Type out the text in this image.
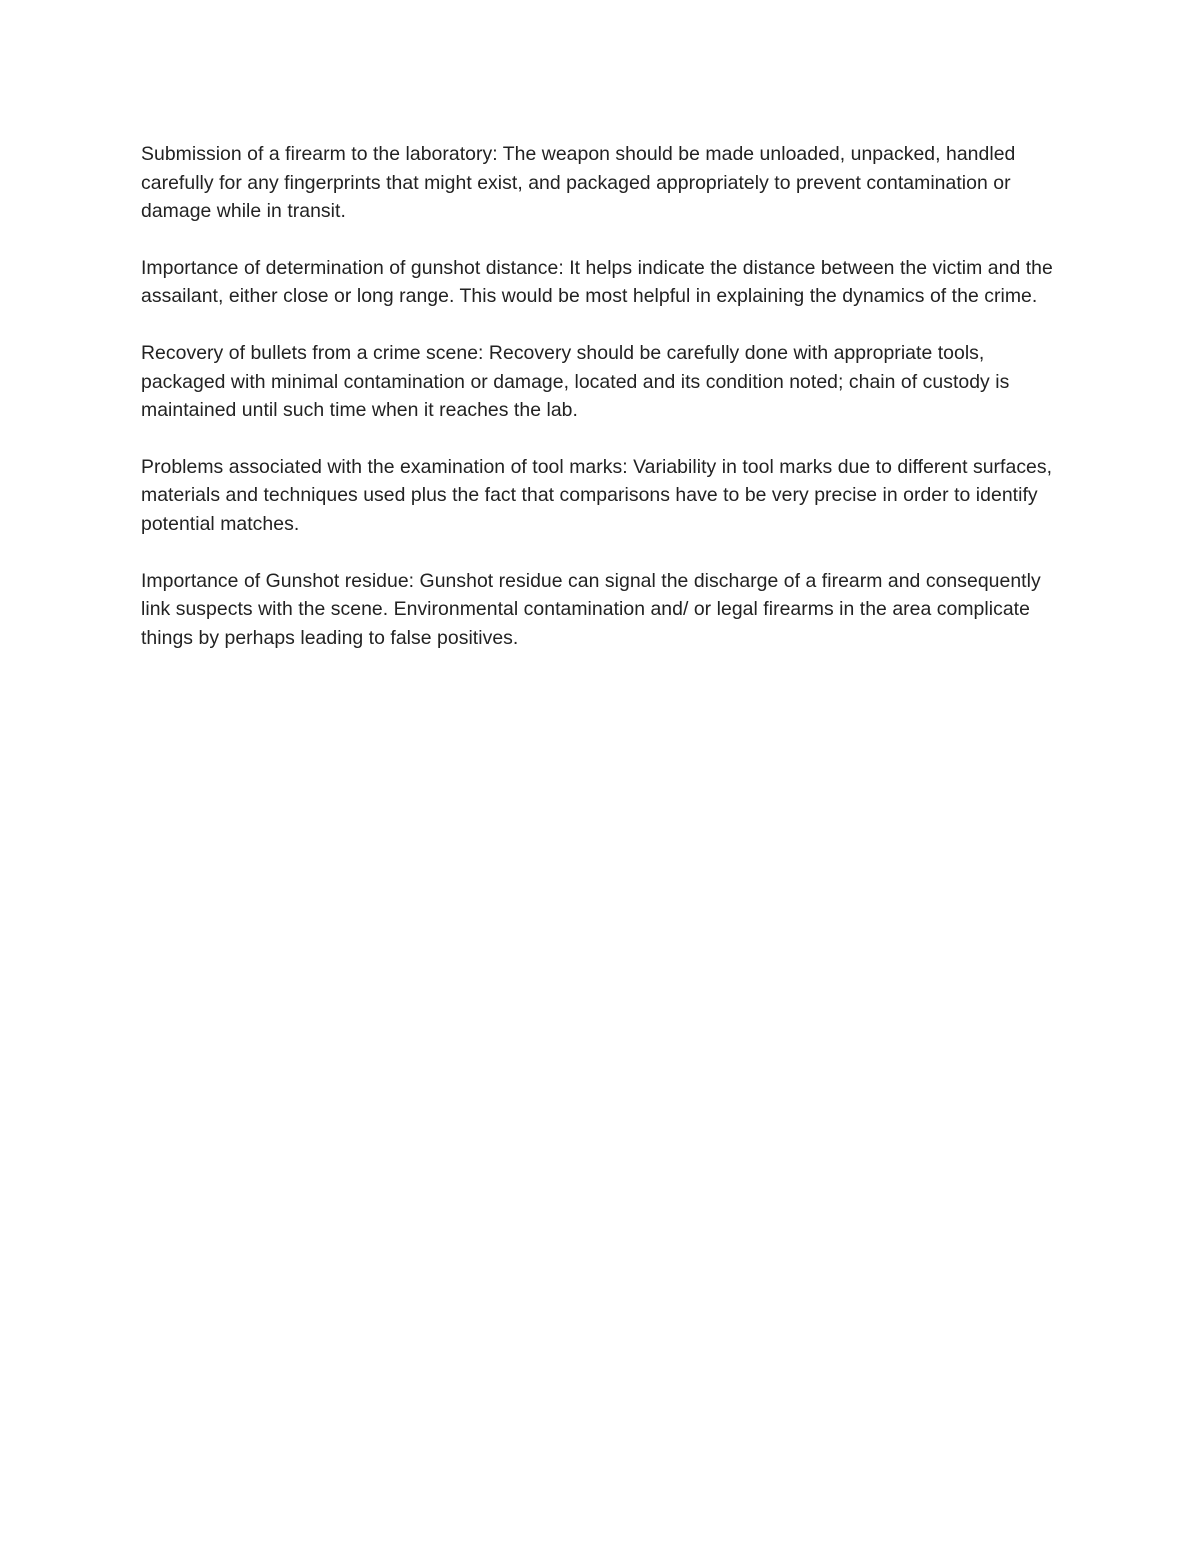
Submission of a firearm to the laboratory: The weapon should be made unloaded, unpacked, handled carefully for any fingerprints that might exist, and packaged appropriately to prevent contamination or damage while in transit.

Importance of determination of gunshot distance: It helps indicate the distance between the victim and the assailant, either close or long range. This would be most helpful in explaining the dynamics of the crime.

Recovery of bullets from a crime scene: Recovery should be carefully done with appropriate tools, packaged with minimal contamination or damage, located and its condition noted; chain of custody is maintained until such time when it reaches the lab.

Problems associated with the examination of tool marks: Variability in tool marks due to different surfaces, materials and techniques used plus the fact that comparisons have to be very precise in order to identify potential matches.

Importance of Gunshot residue: Gunshot residue can signal the discharge of a firearm and consequently link suspects with the scene. Environmental contamination and/ or legal firearms in the area complicate things by perhaps leading to false positives.
